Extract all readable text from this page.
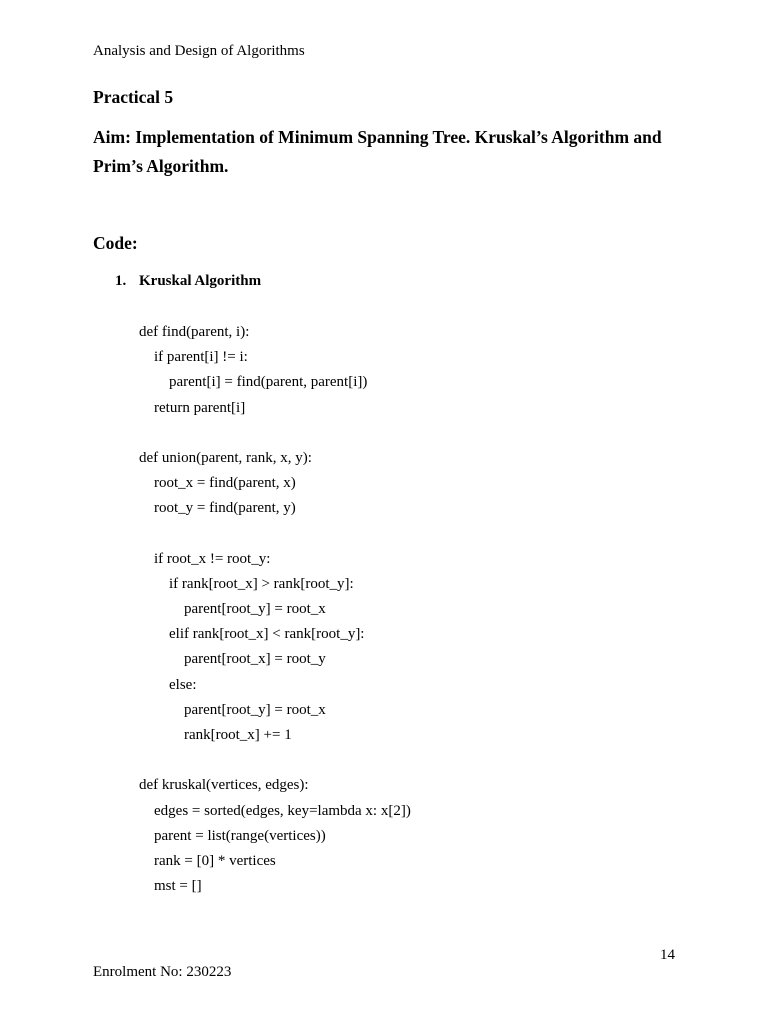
Analysis and Design of Algorithms
Practical 5
Aim: Implementation of Minimum Spanning Tree. Kruskal’s Algorithm and Prim’s Algorithm.
Code:
1. Kruskal Algorithm
def find(parent, i):
if parent[i] != i:
parent[i] = find(parent, parent[i])
return parent[i]
def union(parent, rank, x, y):
root_x = find(parent, x)
root_y = find(parent, y)
if root_x != root_y:
if rank[root_x] > rank[root_y]:
parent[root_y] = root_x
elif rank[root_x] < rank[root_y]:
parent[root_x] = root_y
else:
parent[root_y] = root_x
rank[root_x] += 1
def kruskal(vertices, edges):
edges = sorted(edges, key=lambda x: x[2])
parent = list(range(vertices))
rank = [0] * vertices
mst = []
14
Enrolment No: 230223
